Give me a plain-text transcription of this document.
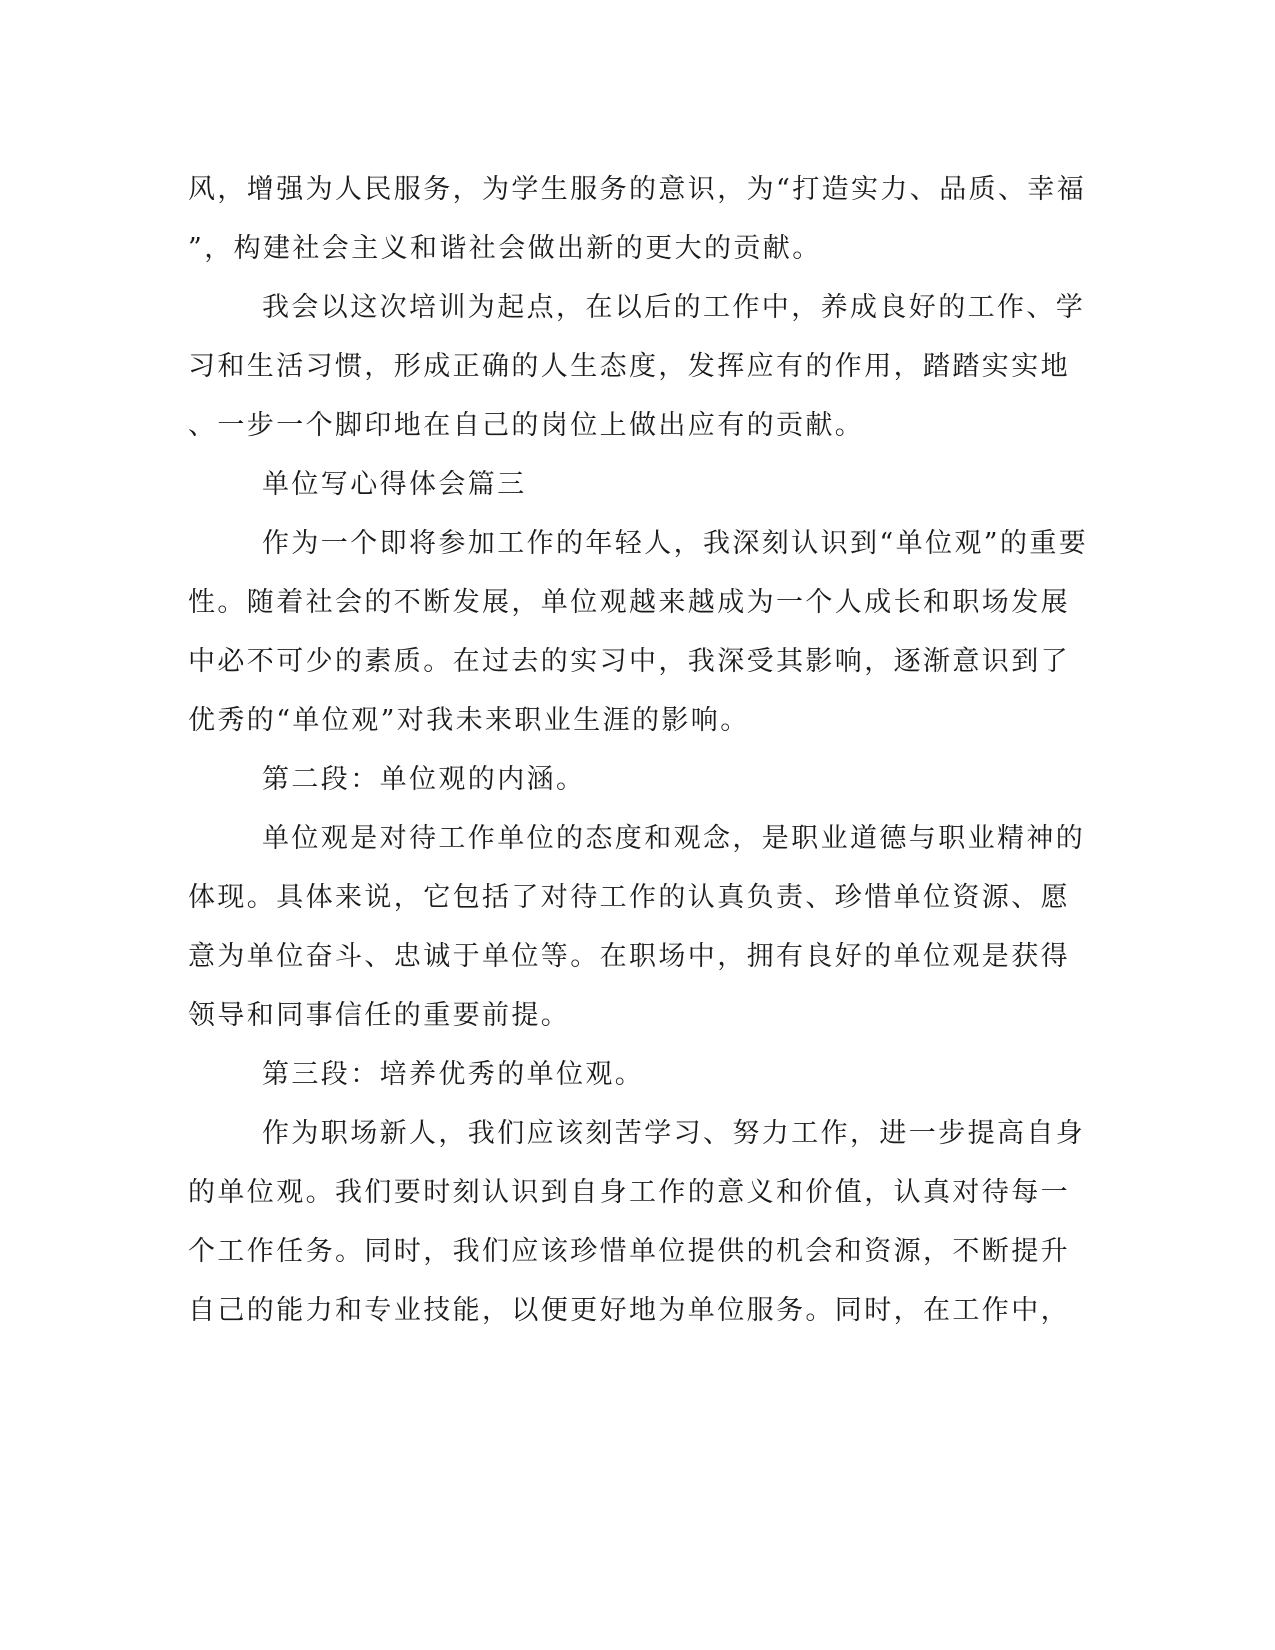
风，增强为人民服务，为学生服务的意识，为“打造实力、品质、幸福
”，构建社会主义和谐社会做出新的更大的贡献。

我会以这次培训为起点，在以后的工作中，养成良好的工作、学
习和生活习惯，形成正确的人生态度，发挥应有的作用，踏踏实实地
、一步一个脚印地在自己的岗位上做出应有的贡献。

单位写心得体会篇三

作为一个即将参加工作的年轻人，我深刻认识到“单位观”的重要
性。随着社会的不断发展，单位观越来越成为一个人成长和职场发展
中必不可少的素质。在过去的实习中，我深受其影响，逐渐意识到了
优秀的“单位观”对我未来职业生涯的影响。

第二段：单位观的内涵。

单位观是对待工作单位的态度和观念，是职业道德与职业精神的
体现。具体来说，它包括了对待工作的认真负责、珍惜单位资源、愿
意为单位奋斗、忠诚于单位等。在职场中，拥有良好的单位观是获得
领导和同事信任的重要前提。

第三段：培养优秀的单位观。

作为职场新人，我们应该刻苦学习、努力工作，进一步提高自身
的单位观。我们要时刻认识到自身工作的意义和价值，认真对待每一
个工作任务。同时，我们应该珍惜单位提供的机会和资源，不断提升
自己的能力和专业技能，以便更好地为单位服务。同时，在工作中，
